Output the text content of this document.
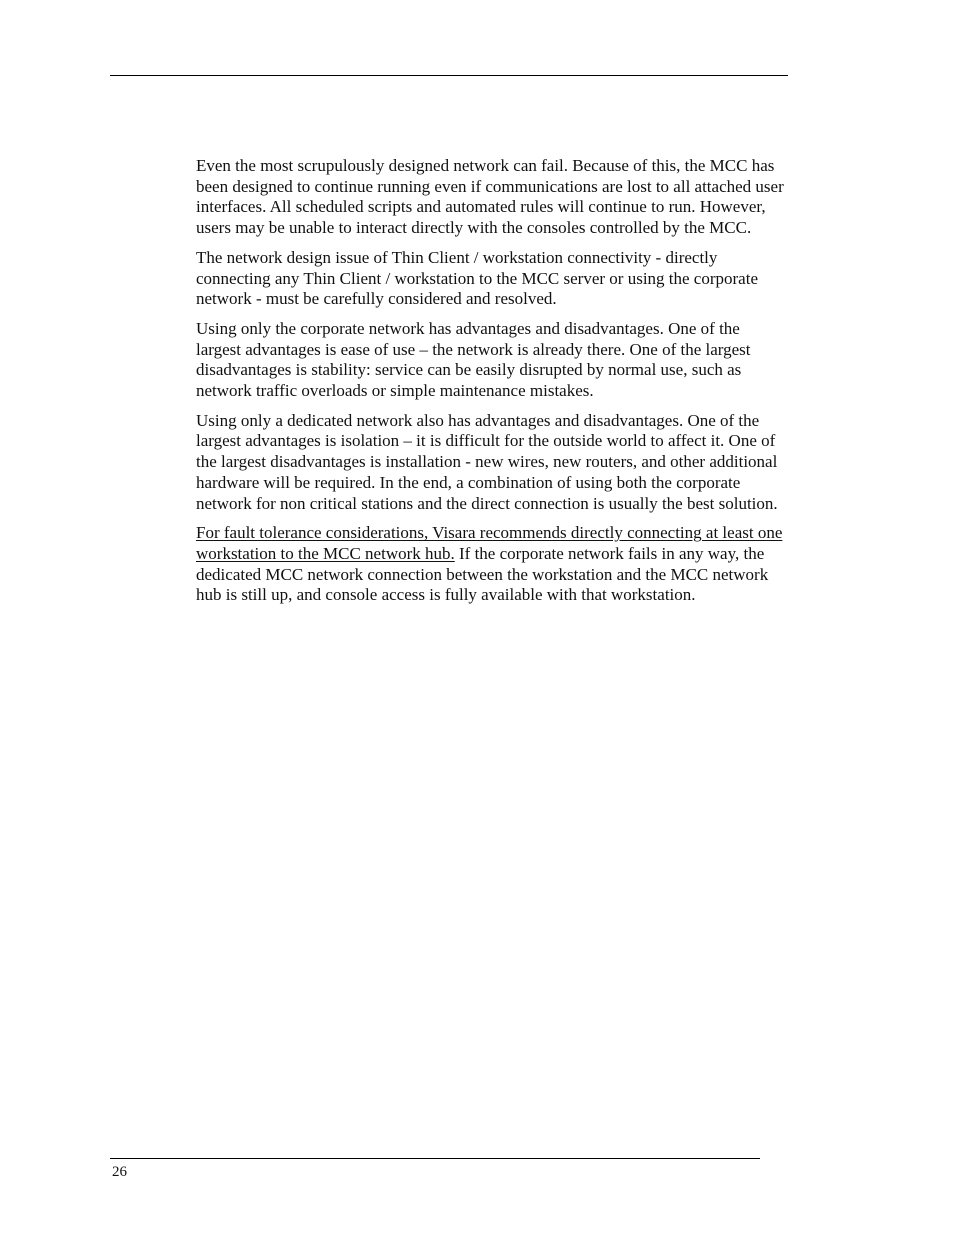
Even the most scrupulously designed network can fail. Because of this, the MCC has been designed to continue running even if communications are lost to all attached user interfaces. All scheduled scripts and automated rules will continue to run. However, users may be unable to interact directly with the consoles controlled by the MCC.

The network design issue of Thin Client / workstation connectivity - directly connecting any Thin Client / workstation to the MCC server or using the corporate network - must be carefully considered and resolved.

Using only the corporate network has advantages and disadvantages. One of the largest advantages is ease of use – the network is already there. One of the largest disadvantages is stability: service can be easily disrupted by normal use, such as network traffic overloads or simple maintenance mistakes.

Using only a dedicated network also has advantages and disadvantages. One of the largest advantages is isolation – it is difficult for the outside world to affect it. One of the largest disadvantages is installation - new wires, new routers, and other additional hardware will be required. In the end, a combination of using both the corporate network for non critical stations and the direct connection is usually the best solution.

For fault tolerance considerations, Visara recommends directly connecting at least one workstation to the MCC network hub. If the corporate network fails in any way, the dedicated MCC network connection between the workstation and the MCC network hub is still up, and console access is fully available with that workstation.

26
